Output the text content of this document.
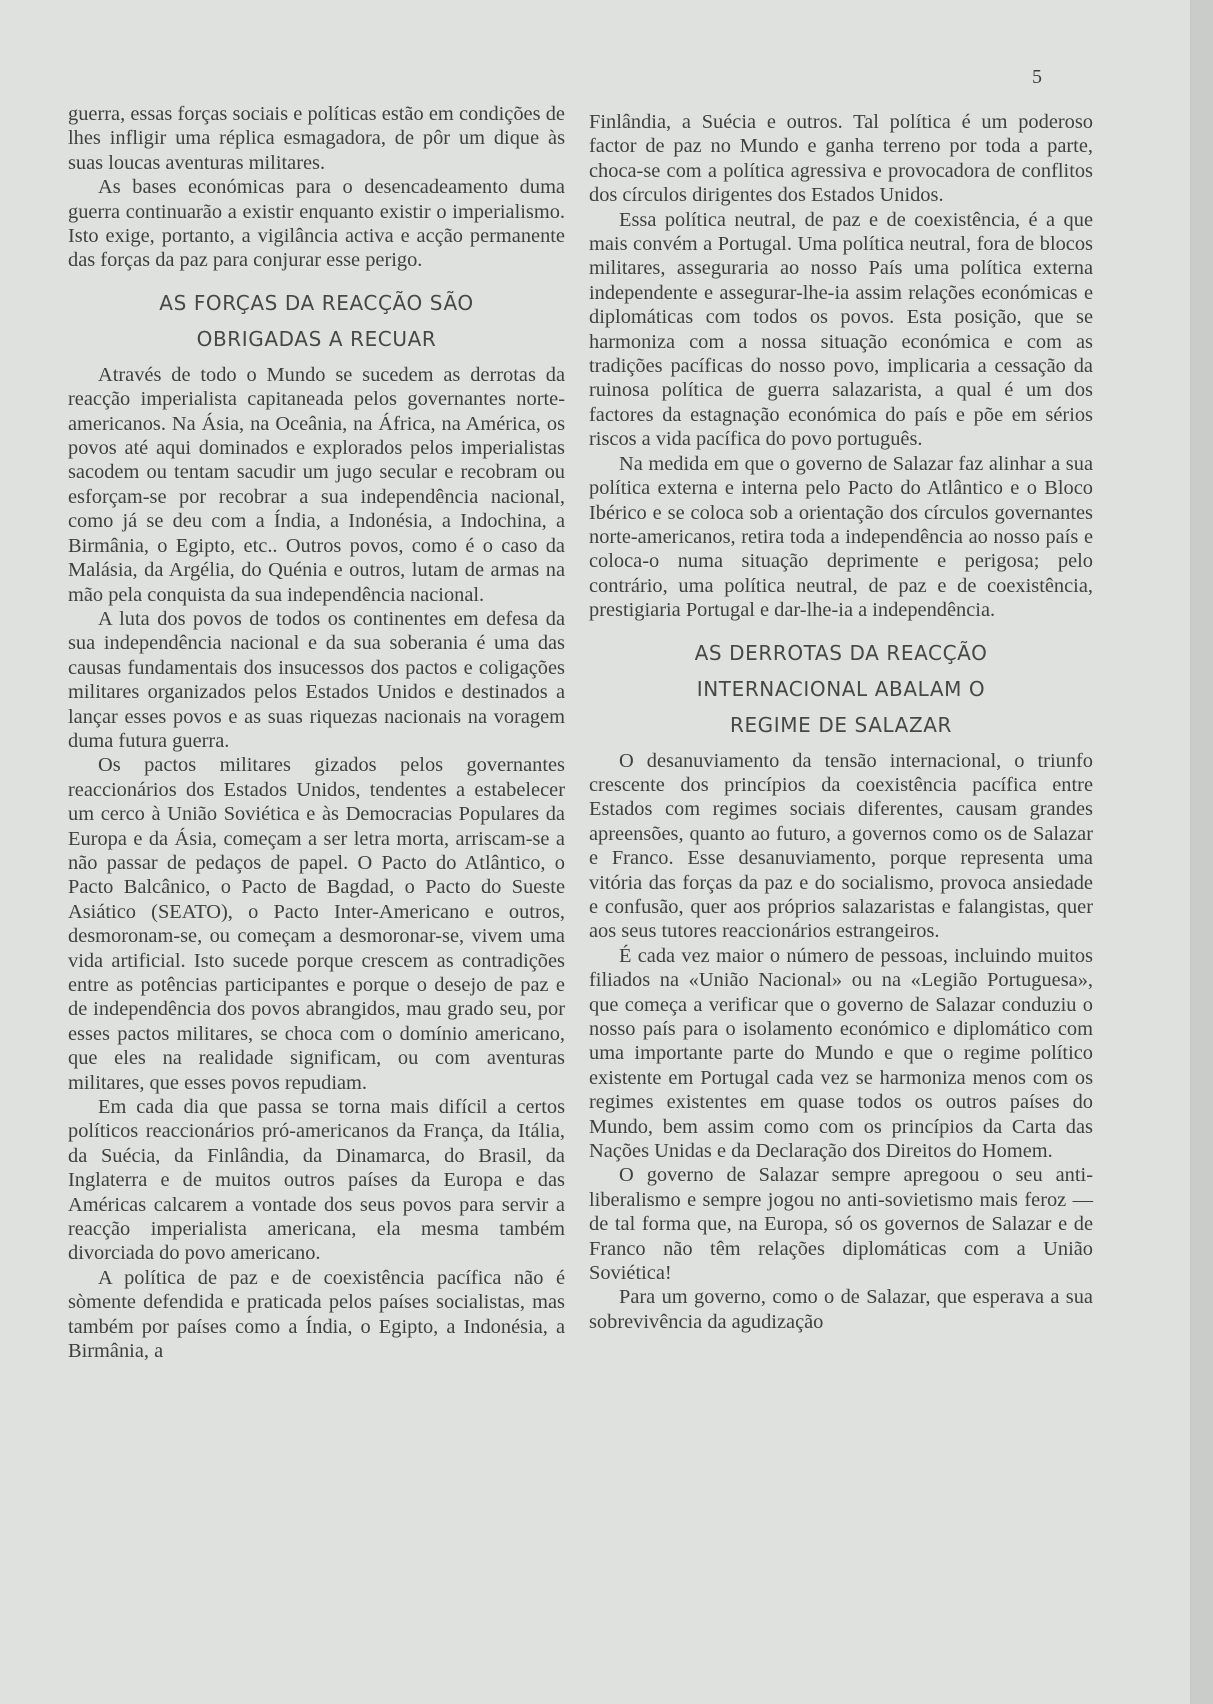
5

guerra, essas forças sociais e políticas estão em condições de lhes infligir uma réplica esmagadora, de pôr um dique às suas loucas aventuras militares.

As bases económicas para o desencadeamento duma guerra continuarão a existir enquanto existir o imperialismo. Isto exige, portanto, a vigilância activa e acção permanente das forças da paz para conjurar esse perigo.

AS FORÇAS DA REACÇÃO SÃO
OBRIGADAS A RECUAR

Através de todo o Mundo se sucedem as derrotas da reacção imperialista capitaneada pelos governantes norte-americanos. Na Ásia, na Oceânia, na África, na América, os povos até aqui dominados e explorados pelos imperialistas sacodem ou tentam sacudir um jugo secular e recobram ou esforçam-se por recobrar a sua independência nacional, como já se deu com a Índia, a Indonésia, a Indochina, a Birmânia, o Egipto, etc.. Outros povos, como é o caso da Malásia, da Argélia, do Quénia e outros, lutam de armas na mão pela conquista da sua independência nacional.

A luta dos povos de todos os continentes em defesa da sua independência nacional e da sua soberania é uma das causas fundamentais dos insucessos dos pactos e coligações militares organizados pelos Estados Unidos e destinados a lançar esses povos e as suas riquezas nacionais na voragem duma futura guerra.

Os pactos militares gizados pelos governantes reaccionários dos Estados Unidos, tendentes a estabelecer um cerco à União Soviética e às Democracias Populares da Europa e da Ásia, começam a ser letra morta, arriscam-se a não passar de pedaços de papel. O Pacto do Atlântico, o Pacto Balcânico, o Pacto de Bagdad, o Pacto do Sueste Asiático (SEATO), o Pacto Inter-Americano e outros, desmoronam-se, ou começam a desmoronar-se, vivem uma vida artificial. Isto sucede porque crescem as contradições entre as potências participantes e porque o desejo de paz e de independência dos povos abrangidos, mau grado seu, por esses pactos militares, se choca com o domínio americano, que eles na realidade significam, ou com aventuras militares, que esses povos repudiam.

Em cada dia que passa se torna mais difícil a certos políticos reaccionários pró-americanos da França, da Itália, da Suécia, da Finlândia, da Dinamarca, do Brasil, da Inglaterra e de muitos outros países da Europa e das Américas calcarem a vontade dos seus povos para servir a reacção imperialista americana, ela mesma também divorciada do povo americano.

A política de paz e de coexistência pacífica não é sòmente defendida e praticada pelos países socialistas, mas também por países como a Índia, o Egipto, a Indonésia, a Birmânia, a

Finlândia, a Suécia e outros. Tal política é um poderoso factor de paz no Mundo e ganha terreno por toda a parte, choca-se com a política agressiva e provocadora de conflitos dos círculos dirigentes dos Estados Unidos.

Essa política neutral, de paz e de coexistência, é a que mais convém a Portugal. Uma política neutral, fora de blocos militares, asseguraria ao nosso País uma política externa independente e assegurar-lhe-ia assim relações económicas e diplomáticas com todos os povos. Esta posição, que se harmoniza com a nossa situação económica e com as tradições pacíficas do nosso povo, implicaria a cessação da ruinosa política de guerra salazarista, a qual é um dos factores da estagnação económica do país e põe em sérios riscos a vida pacífica do povo português.

Na medida em que o governo de Salazar faz alinhar a sua política externa e interna pelo Pacto do Atlântico e o Bloco Ibérico e se coloca sob a orientação dos círculos governantes norte-americanos, retira toda a independência ao nosso país e coloca-o numa situação deprimente e perigosa; pelo contrário, uma política neutral, de paz e de coexistência, prestigiaria Portugal e dar-lhe-ia a independência.

AS DERROTAS DA REACÇÃO
INTERNACIONAL ABALAM O
REGIME DE SALAZAR

O desanuviamento da tensão internacional, o triunfo crescente dos princípios da coexistência pacífica entre Estados com regimes sociais diferentes, causam grandes apreensões, quanto ao futuro, a governos como os de Salazar e Franco. Esse desanuviamento, porque representa uma vitória das forças da paz e do socialismo, provoca ansiedade e confusão, quer aos próprios salazaristas e falangistas, quer aos seus tutores reaccionários estrangeiros.

É cada vez maior o número de pessoas, incluindo muitos filiados na «União Nacional» ou na «Legião Portuguesa», que começa a verificar que o governo de Salazar conduziu o nosso país para o isolamento económico e diplomático com uma importante parte do Mundo e que o regime político existente em Portugal cada vez se harmoniza menos com os regimes existentes em quase todos os outros países do Mundo, bem assim como com os princípios da Carta das Nações Unidas e da Declaração dos Direitos do Homem.

O governo de Salazar sempre apregoou o seu anti-liberalismo e sempre jogou no anti-sovietismo mais feroz — de tal forma que, na Europa, só os governos de Salazar e de Franco não têm relações diplomáticas com a União Soviética!

Para um governo, como o de Salazar, que esperava a sua sobrevivência da agudização
